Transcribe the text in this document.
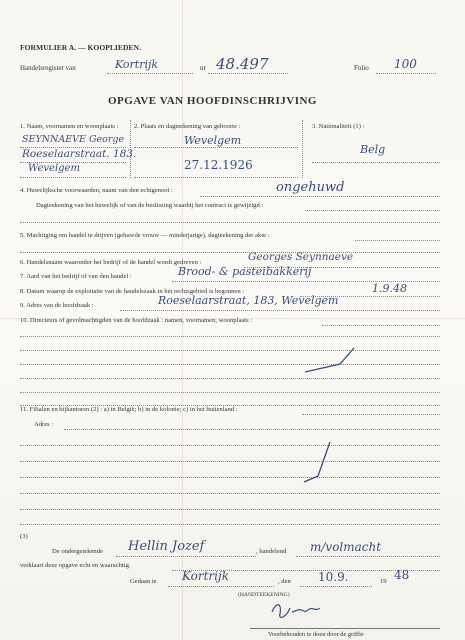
FORMULIER A. — KOOPLIEDEN.
Handelsregister van	Kortrijk	nr 48.497	Folio 100
OPGAVE VAN HOOFDINSCHRIJVING
1. Naam, voornamen en woonplaats : 2. Plaats en dagteekening van geboorte :	3. Nationaliteit (1) :
SEYNNAEVE George
Roeselaarstraat. 183.
Wevelgem
Wevelgem
27.12.1926
Belg
4. Huwelijksche voorwaarden, naam van den echtgenoot :	ongehuwd
Dagteekening van het huwelijk of van de beslissing waarbij het contract is gewijzigd :
5. Machtiging om handel te drijven (gehuwde vrouw — minderjarige), dagteekening der akte :
6. Handelsnaam waaronder het bedrijf of de handel wordt gedreven :	Georges Seynnaeve
7. Aard van het bedrijf of van den handel :	Brood- & pasteibakkerij
8. Datum waarop de exploitatie van de handelszaak in het rechtsgebied is begonnen :	1.9.48
9. Adres van de hoofdzaak :	Roeselaarstraat, 183, Wevelgem
10. Directeurs of gevolmachtigden van de hoofdzaak : namen, voornamen, woonplaats :
11. Filialen en bijkantoren (2) : a) in België; b) in de kolonie; c) in het buitenland :
Adres :
(3)
De ondergetekende Hellin Jozef	, handelend m/volmacht
verklaart deze opgave echt en waarachtig.
Gedaan te Kortrijk	, den 10.9.	19 48
(HANDTEEKENING)
Voorbehouden te doen door de griffie
